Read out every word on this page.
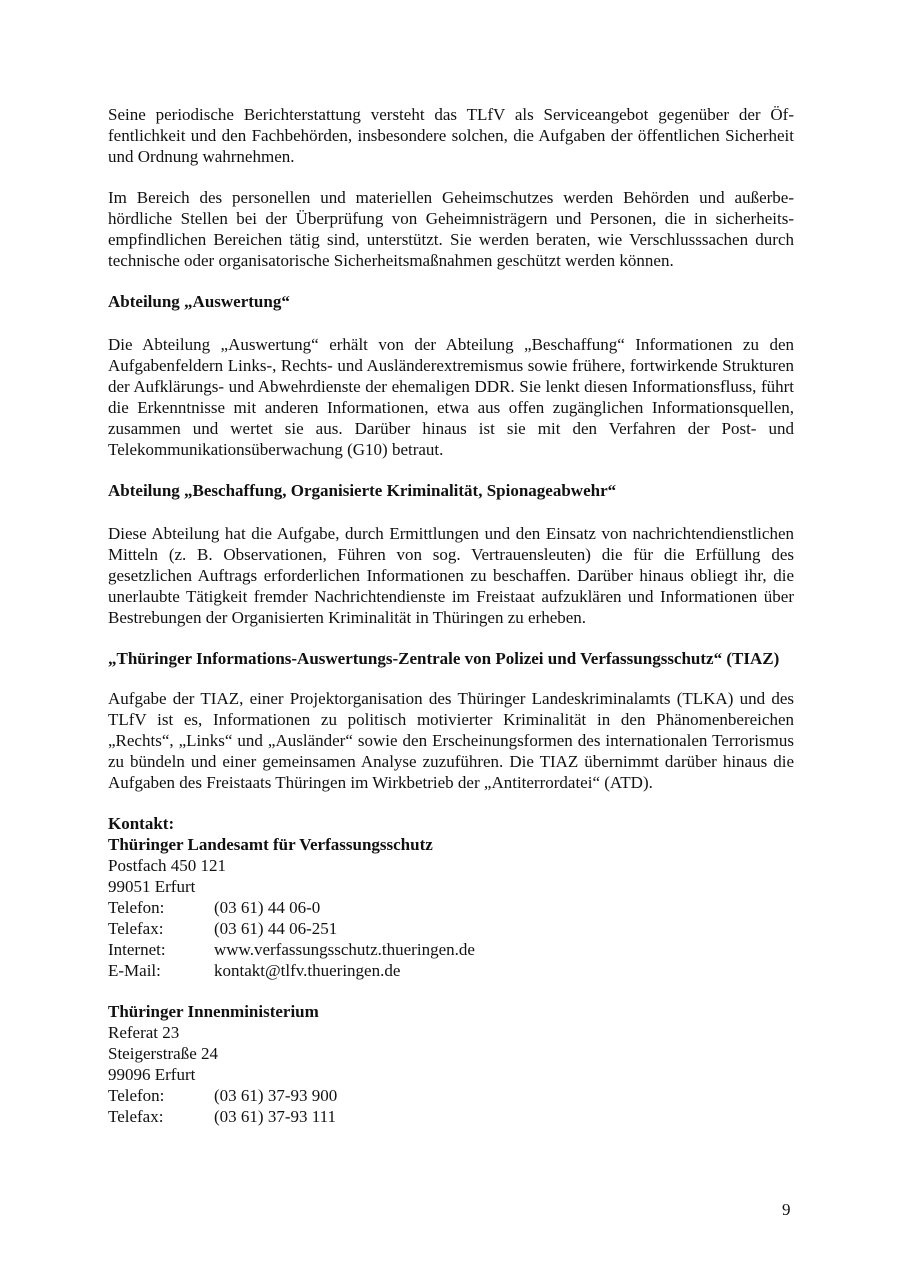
Seine periodische Berichterstattung versteht das TLfV als Serviceangebot gegenüber der Öffentlichkeit und den Fachbehörden, insbesondere solchen, die Aufgaben der öffentlichen Sicherheit und Ordnung wahrnehmen.

Im Bereich des personellen und materiellen Geheimschutzes werden Behörden und außerbehördliche Stellen bei der Überprüfung von Geheimnisträgern und Personen, die in sicherheitsempfindlichen Bereichen tätig sind, unterstützt. Sie werden beraten, wie Verschlusssachen durch technische oder organisatorische Sicherheitsmaßnahmen geschützt werden können.

Abteilung „Auswertung“

Die Abteilung „Auswertung“ erhält von der Abteilung „Beschaffung“ Informationen zu den Aufgabenfeldern Links-, Rechts- und Ausländerextremismus sowie frühere, fortwirkende Strukturen der Aufklärungs- und Abwehrdienste der ehemaligen DDR. Sie lenkt diesen Informationsfluss, führt die Erkenntnisse mit anderen Informationen, etwa aus offen zugänglichen Informationsquellen, zusammen und wertet sie aus. Darüber hinaus ist sie mit den Verfahren der Post- und Telekommunikationsüberwachung (G10) betraut.

Abteilung „Beschaffung, Organisierte Kriminalität, Spionageabwehr“

Diese Abteilung hat die Aufgabe, durch Ermittlungen und den Einsatz von nachrichtendienstlichen Mitteln (z. B. Observationen, Führen von sog. Vertrauensleuten) die für die Erfüllung des gesetzlichen Auftrags erforderlichen Informationen zu beschaffen. Darüber hinaus obliegt ihr, die unerlaubte Tätigkeit fremder Nachrichtendienste im Freistaat aufzuklären und Informationen über Bestrebungen der Organisierten Kriminalität in Thüringen zu erheben.

„Thüringer Informations-Auswertungs-Zentrale von Polizei und Verfassungsschutz“ (TIAZ)

Aufgabe der TIAZ, einer Projektorganisation des Thüringer Landeskriminalamts (TLKA) und des TLfV ist es, Informationen zu politisch motivierter Kriminalität in den Phänomenbereichen „Rechts“, „Links“ und „Ausländer“ sowie den Erscheinungsformen des internationalen Terrorismus zu bündeln und einer gemeinsamen Analyse zuzuführen. Die TIAZ übernimmt darüber hinaus die Aufgaben des Freistaats Thüringen im Wirkbetrieb der „Antiterrordatei“ (ATD).

Kontakt:
Thüringer Landesamt für Verfassungsschutz
Postfach 450 121
99051 Erfurt
Telefon:	(03 61) 44 06-0
Telefax:	(03 61) 44 06-251
Internet:	www.verfassungsschutz.thueringen.de
E-Mail:	kontakt@tlfv.thueringen.de
Thüringer Innenministerium
Referat 23
Steigerstraße 24
99096 Erfurt
Telefon:	(03 61) 37-93 900
Telefax:	(03 61) 37-93 111
9
